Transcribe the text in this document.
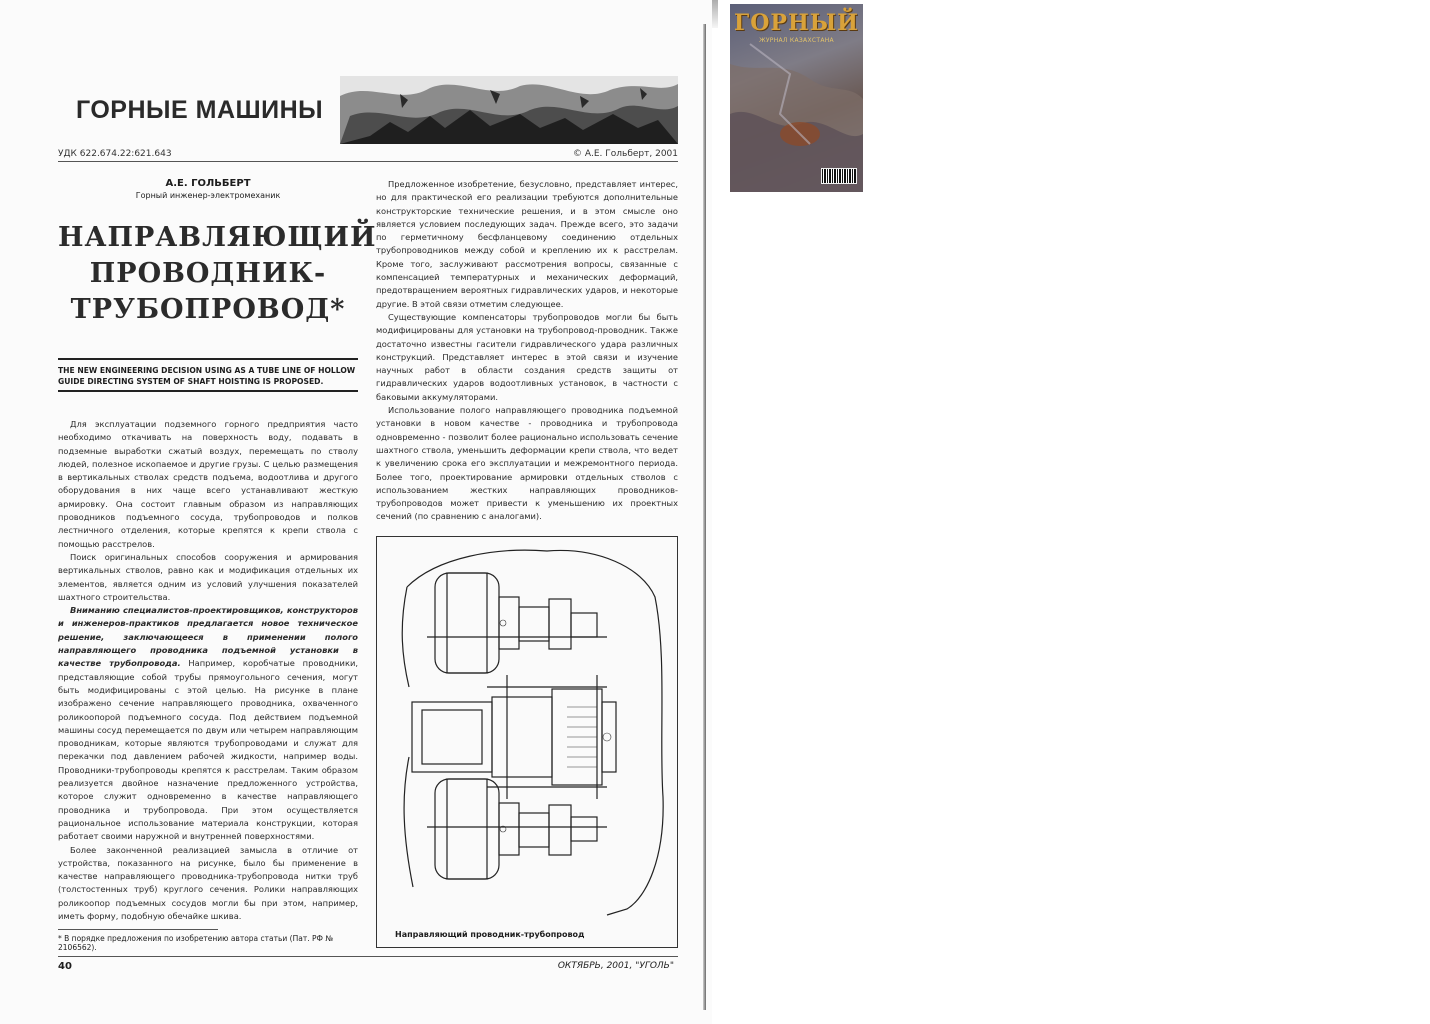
ГОРНЫЕ МАШИНЫ
УДК 622.674.22:621.643	© А.Е. Гольберт, 2001
А.Е. ГОЛЬБЕРТ
Горный инженер-электромеханик
НАПРАВЛЯЮЩИЙ
ПРОВОДНИК-
ТРУБОПРОВОД*
THE NEW ENGINEERING DECISION USING AS A TUBE LINE OF HOLLOW GUIDE DIRECTING SYSTEM OF SHAFT HOISTING IS PROPOSED.

Для эксплуатации подземного горного предприятия часто необходимо откачивать на поверхность воду, подавать в подземные выработки сжатый воздух, перемещать по стволу людей, полезное ископаемое и другие грузы. С целью размещения в вертикальных стволах средств подъема, водоотлива и другого оборудования в них чаще всего устанавливают жесткую армировку. Она состоит главным образом из направляющих проводников подъемного сосуда, трубопроводов и полков лестничного отделения, которые крепятся к крепи ствола с помощью расстрелов.

Поиск оригинальных способов сооружения и армирования вертикальных стволов, равно как и модификация отдельных их элементов, является одним из условий улучшения показателей шахтного строительства.

Вниманию специалистов-проектировщиков, конструкторов и инженеров-практиков предлагается новое техническое решение, заключающееся в применении полого направляющего проводника подъемной установки в качестве трубопровода. Например, коробчатые проводники, представляющие собой трубы прямоугольного сечения, могут быть модифицированы с этой целью. На рисунке в плане изображено сечение направляющего проводника, охваченного роликоопорой подъемного сосуда. Под действием подъемной машины сосуд перемещается по двум или четырем направляющим проводникам, которые являются трубопроводами и служат для перекачки под давлением рабочей жидкости, например воды. Проводники-трубопроводы крепятся к расстрелам. Таким образом реализуется двойное назначение предложенного устройства, которое служит одновременно в качестве направляющего проводника и трубопровода. При этом осуществляется рациональное использование материала конструкции, которая работает своими наружной и внутренней поверхностями.

Более законченной реализацией замысла в отличие от устройства, показанного на рисунке, было бы применение в качестве направляющего проводника-трубопровода нитки труб (толстостенных труб) круглого сечения. Ролики направляющих роликоопор подъемных сосудов могли бы при этом, например, иметь форму, подобную обечайке шкива.

Предложенное изобретение, безусловно, представляет интерес, но для практической его реализации требуются дополнительные конструкторские технические решения, и в этом смысле оно является условием последующих задач. Прежде всего, это задачи по герметичному бесфланцевому соединению отдельных трубопроводников между собой и креплению их к расстрелам. Кроме того, заслуживают рассмотрения вопросы, связанные с компенсацией температурных и механических деформаций, предотвращением вероятных гидравлических ударов, и некоторые другие. В этой связи отметим следующее.

Существующие компенсаторы трубопроводов могли бы быть модифицированы для установки на трубопровод-проводник. Также достаточно известны гасители гидравлического удара различных конструкций. Представляет интерес в этой связи и изучение научных работ в области создания средств защиты от гидравлических ударов водоотливных установок, в частности с баковыми аккумуляторами.

Использование полого направляющего проводника подъемной установки в новом качестве - проводника и трубопровода одновременно - позволит более рационально использовать сечение шахтного ствола, уменьшить деформации крепи ствола, что ведет к увеличению срока его эксплуатации и межремонтного периода. Более того, проектирование армировки отдельных стволов с использованием жестких направляющих проводников-трубопроводов может привести к уменьшению их проектных сечений (по сравнению с аналогами).

Направляющий проводник-трубопровод
* В порядке предложения по изобретению автора статьи (Пат. РФ № 2106562).
40	ОКТЯБРЬ, 2001, "УГОЛЬ"
ГОРНЫЙ
ЖУРНАЛ КАЗАХСТАНА
